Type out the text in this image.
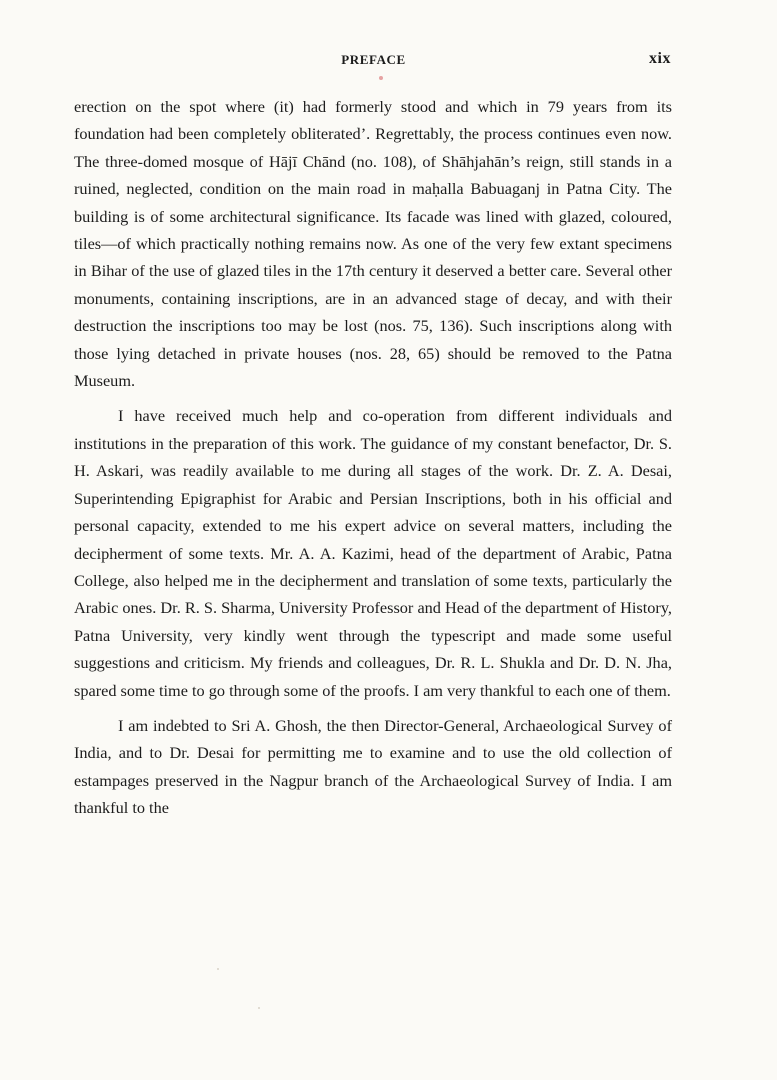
PREFACE	xix

erection on the spot where (it) had formerly stood and which in 79 years from its foundation had been completely obliterated’. Regrettably, the process continues even now. The three-domed mosque of Hājī Chānd (no. 108), of Shāhjahān’s reign, still stands in a ruined, neglected, condition on the main road in maḥalla Babuaganj in Patna City. The building is of some architectural significance. Its facade was lined with glazed, coloured, tiles—of which practically nothing remains now. As one of the very few extant specimens in Bihar of the use of glazed tiles in the 17th century it deserved a better care. Several other monuments, containing inscriptions, are in an advanced stage of decay, and with their destruction the inscriptions too may be lost (nos. 75, 136). Such inscriptions along with those lying detached in private houses (nos. 28, 65) should be removed to the Patna Museum.

I have received much help and co-operation from different individuals and institutions in the preparation of this work. The guidance of my constant benefactor, Dr. S. H. Askari, was readily available to me during all stages of the work. Dr. Z. A. Desai, Superintending Epigraphist for Arabic and Persian Inscriptions, both in his official and personal capacity, extended to me his expert advice on several matters, including the decipherment of some texts. Mr. A. A. Kazimi, head of the department of Arabic, Patna College, also helped me in the decipherment and translation of some texts, particularly the Arabic ones. Dr. R. S. Sharma, University Professor and Head of the department of History, Patna University, very kindly went through the typescript and made some useful suggestions and criticism. My friends and colleagues, Dr. R. L. Shukla and Dr. D. N. Jha, spared some time to go through some of the proofs. I am very thankful to each one of them.

I am indebted to Sri A. Ghosh, the then Director-General, Archaeological Survey of India, and to Dr. Desai for permitting me to examine and to use the old collection of estampages preserved in the Nagpur branch of the Archaeological Survey of India. I am thankful to the
